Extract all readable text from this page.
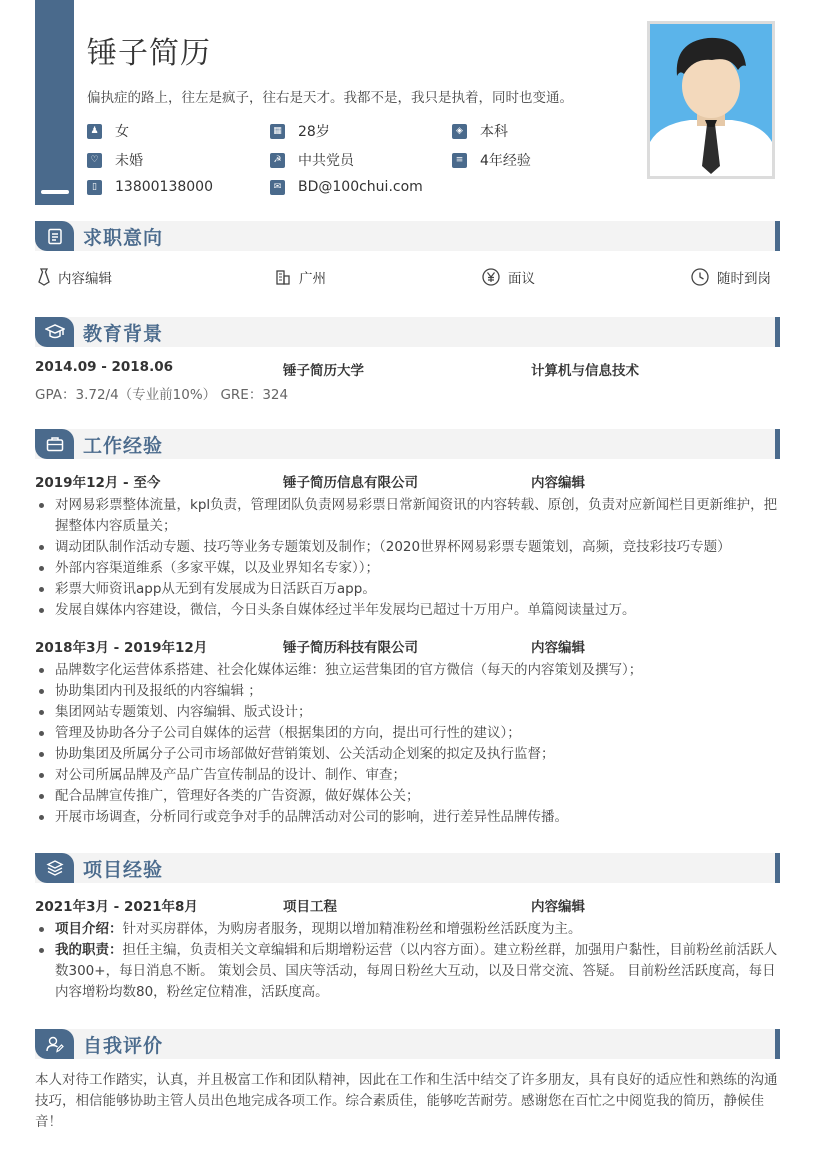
锤子简历
偏执症的路上，往左是疯子，往右是天才。我都不是，我只是执着，同时也变通。
♟ 女	▦ 28岁	◈ 本科
♡ 未婚	☭ 中共党员	≡ 4年经验
▯	13800138000	✉ BD@100chui.com
求职意向
内容编辑	广州	面议	随时到岗
教育背景
2014.09 - 2018.06	锤子简历大学	计算机与信息技术
GPA：3.72/4（专业前10%） GRE：324
工作经验
2019年12月 - 至今	锤子简历信息有限公司	内容编辑
对网易彩票整体流量，kpl负责，管理团队负责网易彩票日常新闻资讯的内容转载、原创，负责对应新闻栏目更新维护，把握整体内容质量关；
调动团队制作活动专题、技巧等业务专题策划及制作；（2020世界杯网易彩票专题策划，高频，竞技彩技巧专题）
外部内容渠道维系（多家平媒，以及业界知名专家））；
彩票大师资讯app从无到有发展成为日活跃百万app。
发展自媒体内容建设，微信，今日头条自媒体经过半年发展均已超过十万用户。单篇阅读量过万。
2018年3月 - 2019年12月	锤子简历科技有限公司	内容编辑
品牌数字化运营体系搭建、社会化媒体运维：独立运营集团的官方微信（每天的内容策划及撰写）；
协助集团内刊及报纸的内容编辑 ；
集团网站专题策划、内容编辑、版式设计；
管理及协助各分子公司自媒体的运营（根据集团的方向，提出可行性的建议）；
协助集团及所属分子公司市场部做好营销策划、公关活动企划案的拟定及执行监督；
对公司所属品牌及产品广告宣传制品的设计、制作、审查；
配合品牌宣传推广，管理好各类的广告资源，做好媒体公关；
开展市场调查，分析同行或竞争对手的品牌活动对公司的影响，进行差异性品牌传播。
项目经验
2021年3月 - 2021年8月	项目工程	内容编辑
项目介绍：针对买房群体，为购房者服务，现期以增加精准粉丝和增强粉丝活跃度为主。
我的职责：担任主编，负责相关文章编辑和后期增粉运营（以内容方面）。建立粉丝群，加强用户黏性，目前粉丝前活跃人数300+，每日消息不断。 策划会员、国庆等活动，每周日粉丝大互动，以及日常交流、答疑。 目前粉丝活跃度高，每日内容增粉均数80，粉丝定位精准，活跃度高。
自我评价
本人对待工作踏实，认真，并且极富工作和团队精神，因此在工作和生活中结交了许多朋友，具有良好的适应性和熟练的沟通技巧，相信能够协助主管人员出色地完成各项工作。综合素质佳，能够吃苦耐劳。感谢您在百忙之中阅览我的简历，静候佳音！
